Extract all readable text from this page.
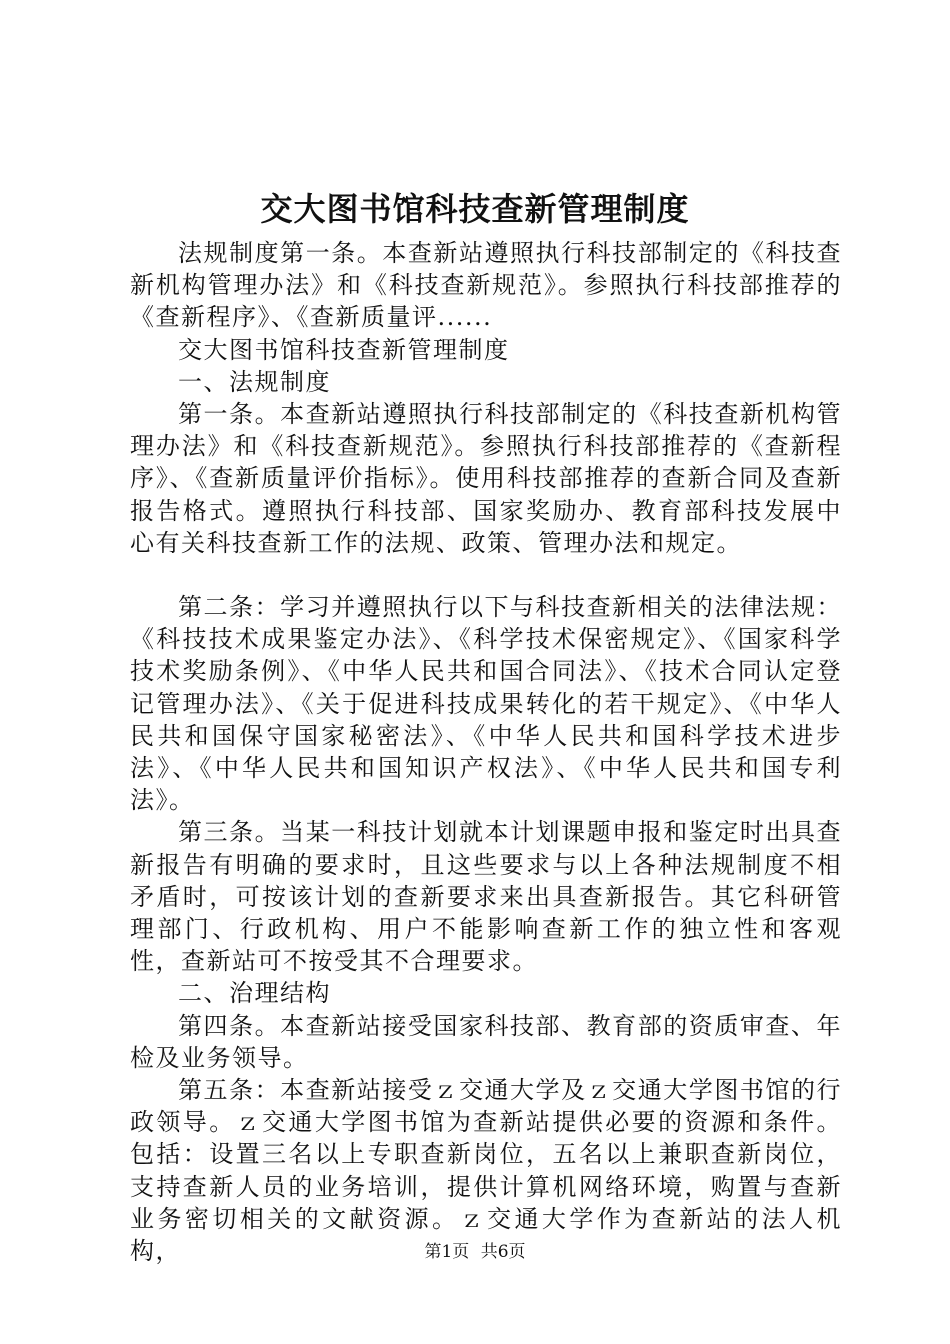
交大图书馆科技查新管理制度

法规制度第一条。本查新站遵照执行科技部制定的《科技查新机构管理办法》和《科技查新规范》。参照执行科技部推荐的《查新程序》、《查新质量评......

交大图书馆科技查新管理制度

一、法规制度

第一条。本查新站遵照执行科技部制定的《科技查新机构管理办法》和《科技查新规范》。参照执行科技部推荐的《查新程序》、《查新质量评价指标》。使用科技部推荐的查新合同及查新报告格式。遵照执行科技部、国家奖励办、教育部科技发展中心有关科技查新工作的法规、政策、管理办法和规定。

第二条：学习并遵照执行以下与科技查新相关的法律法规：《科技技术成果鉴定办法》、《科学技术保密规定》、《国家科学技术奖励条例》、《中华人民共和国合同法》、《技术合同认定登记管理办法》、《关于促进科技成果转化的若干规定》、《中华人民共和国保守国家秘密法》、《中华人民共和国科学技术进步法》、《中华人民共和国知识产权法》、《中华人民共和国专利法》。

第三条。当某一科技计划就本计划课题申报和鉴定时出具查新报告有明确的要求时，且这些要求与以上各种法规制度不相矛盾时，可按该计划的查新要求来出具查新报告。其它科研管理部门、行政机构、用户不能影响查新工作的独立性和客观性，查新站可不按受其不合理要求。

二、治理结构

第四条。本查新站接受国家科技部、教育部的资质审查、年检及业务领导。

第五条：本查新站接受ｚ交通大学及ｚ交通大学图书馆的行政领导。ｚ交通大学图书馆为查新站提供必要的资源和条件。包括：设置三名以上专职查新岗位，五名以上兼职查新岗位，支持查新人员的业务培训，提供计算机网络环境，购置与查新业务密切相关的文献资源。ｚ交通大学作为查新站的法人机构，	第1页 共6页
